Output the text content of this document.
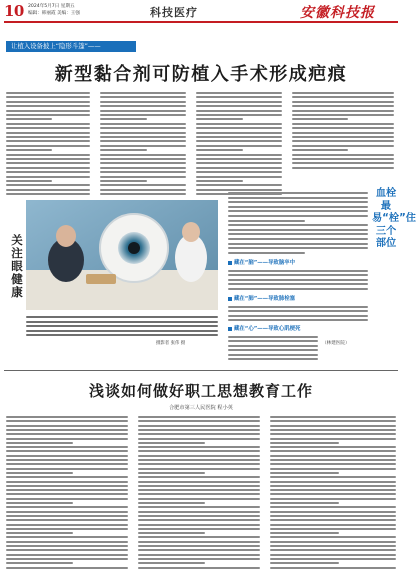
10 2024年5月7日 星期五
编辑：韩丽霞 美编：王强	科技医疗	安徽科技报
让植入设备披上“隐形斗篷”——
新型黏合剂可防植入手术形成疤痕
关注眼健康
摄影者 张伟 摄
血栓最易“栓”住三个部位
藏在“脑”——导致脑卒中
藏在“肺”——导致肺栓塞
藏在“心”——导致心肌梗死
（林建医院）
浅谈如何做好职工思想教育工作
合肥市第三人民医院 程小英
